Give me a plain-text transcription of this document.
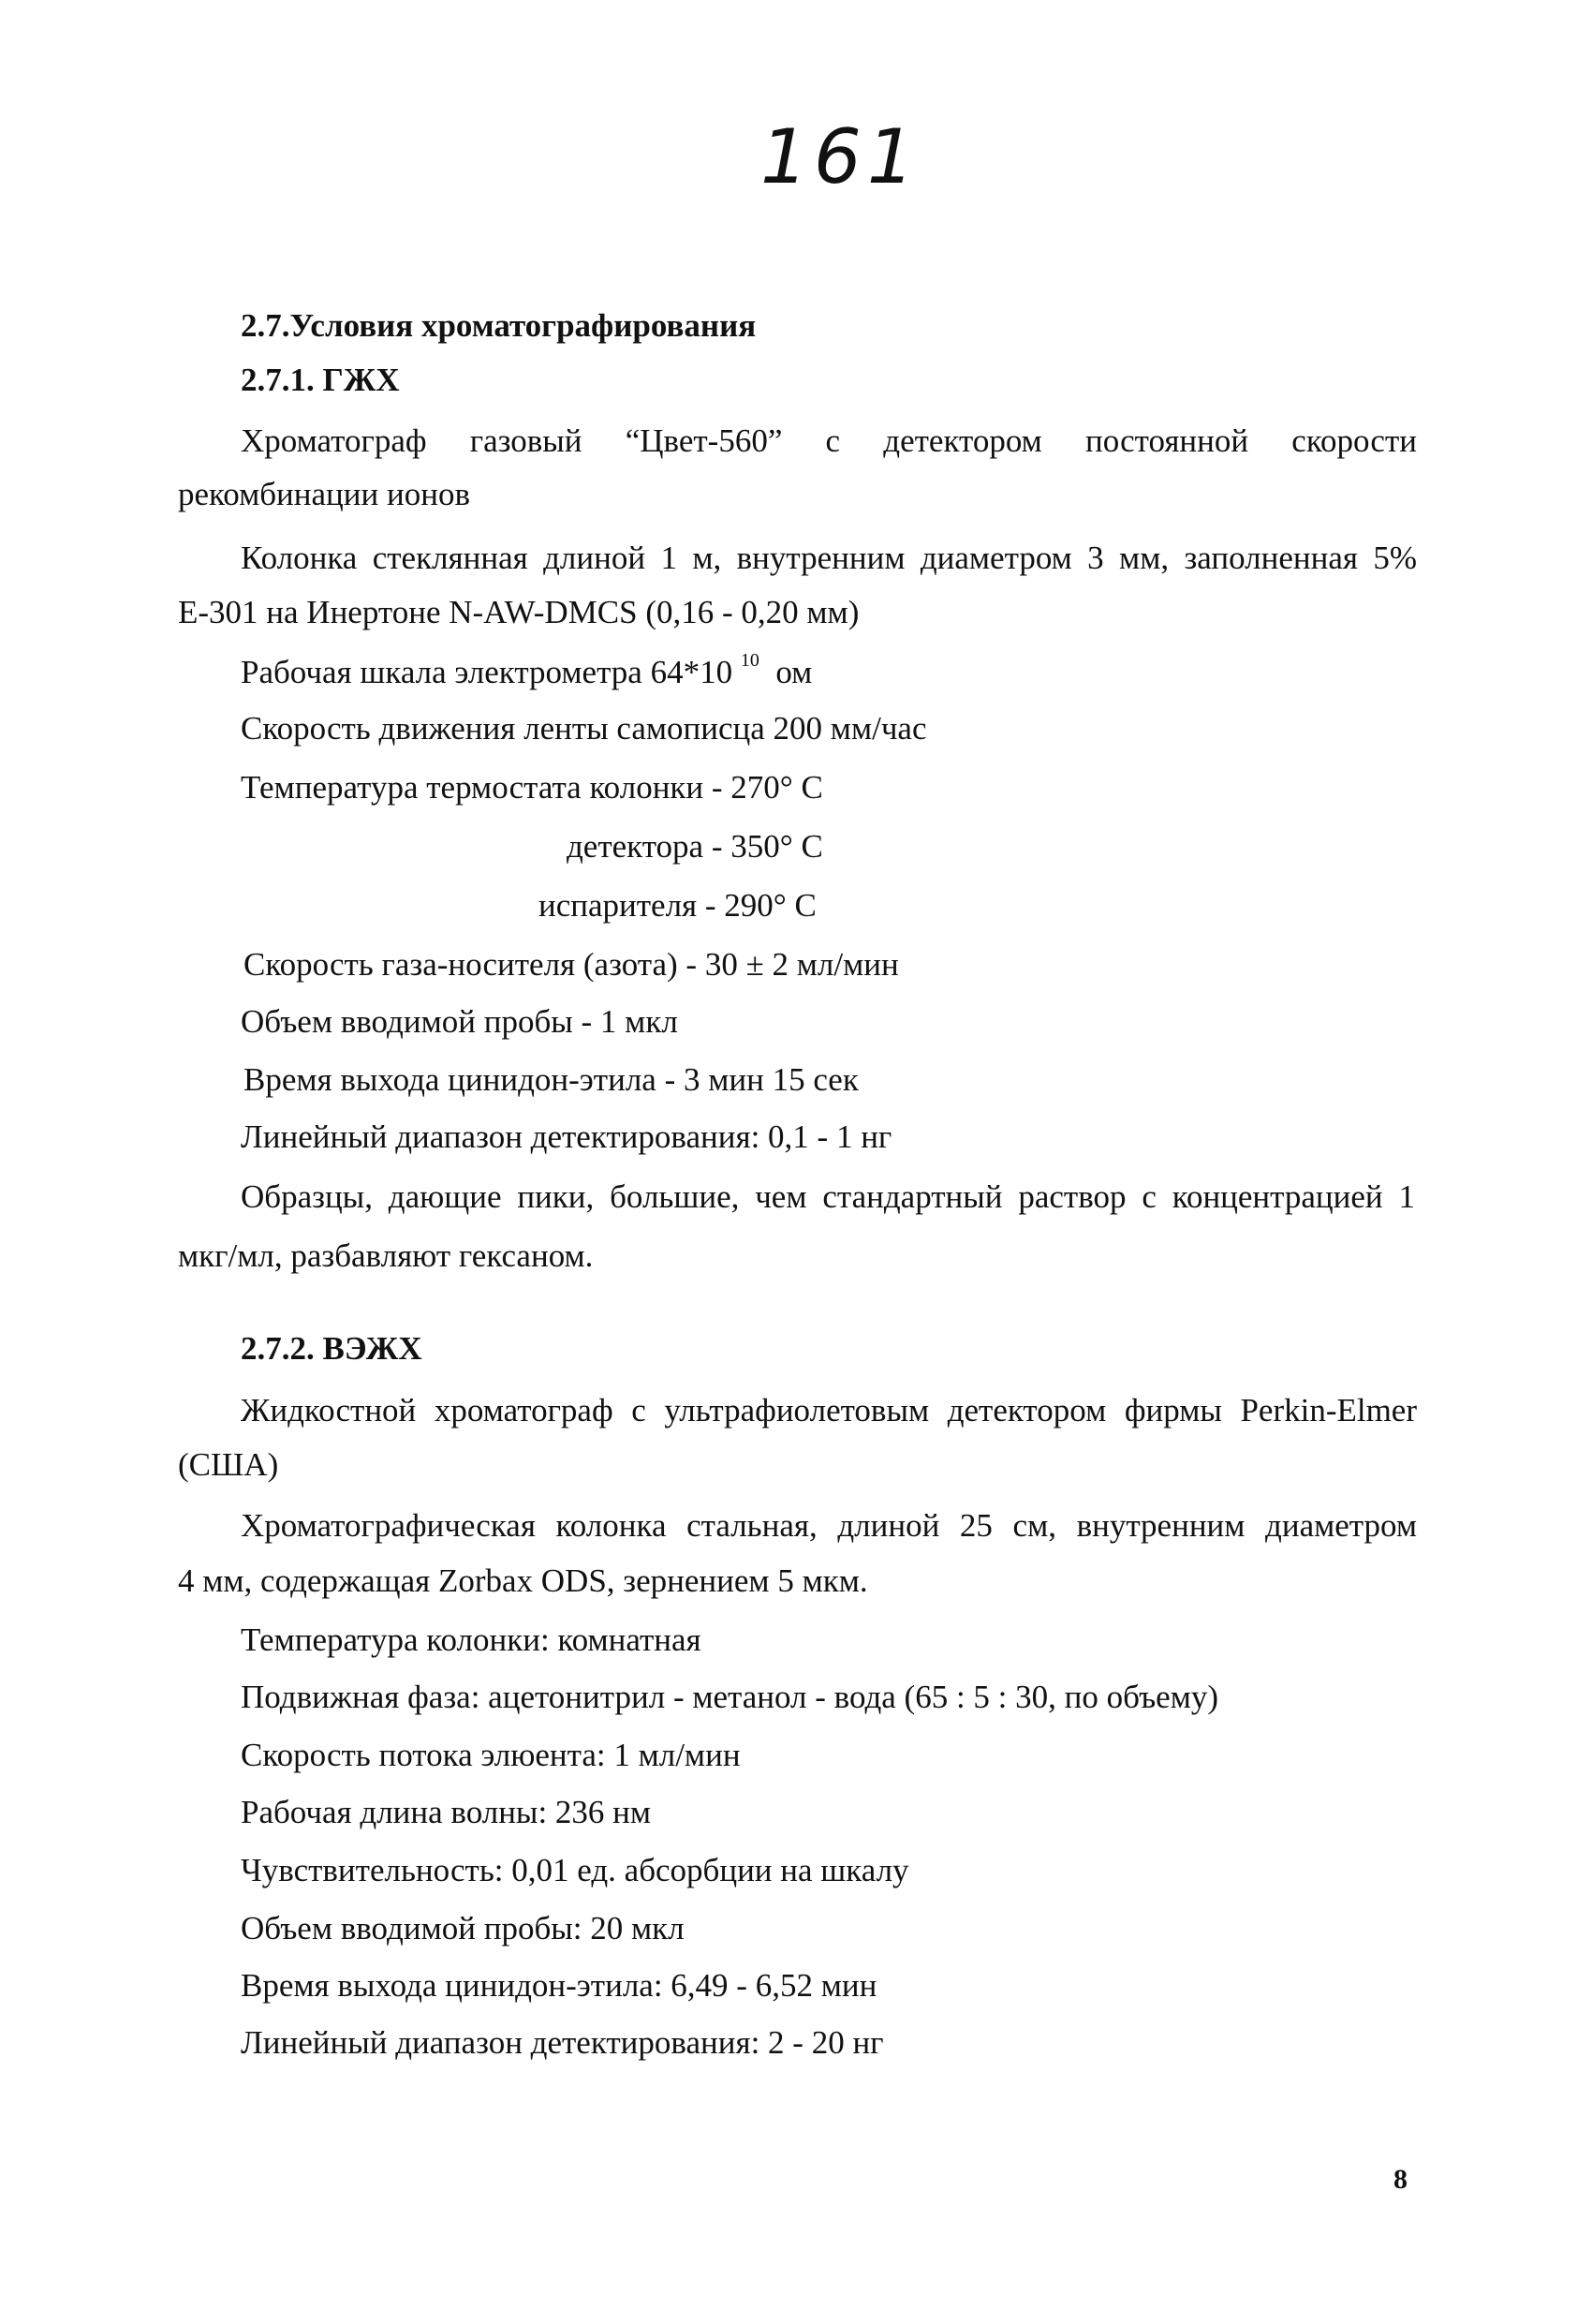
161
2.7.Условия хроматографирования
2.7.1. ГЖХ
Хроматограф газовый “Цвет-560” с детектором постоянной скорости
рекомбинации ионов
Колонка стеклянная длиной 1 м, внутренним диаметром 3 мм, заполненная 5%
Е-301 на Инертоне N-AW-DMCS (0,16 - 0,20 мм)
Рабочая шкала электрометра 64*10 $^{10}$ ом
Скорость движения ленты самописца 200 мм/час
Температура термостата колонки - 270° С
детектора - 350° С
испарителя - 290° С
Скорость газа-носителя (азота) - 30 ± 2 мл/мин
Объем вводимой пробы - 1 мкл
Время выхода цинидон-этила - 3 мин 15 сек
Линейный диапазон детектирования: 0,1 - 1 нг
Образцы, дающие пики, большие, чем стандартный раствор с концентрацией 1
мкг/мл, разбавляют гексаном.
2.7.2. ВЭЖХ
Жидкостной хроматограф с ультрафиолетовым детектором фирмы Perkin-Elmer
(США)
Хроматографическая колонка стальная, длиной 25 см, внутренним диаметром
4 мм, содержащая Zorbax ODS, зернением 5 мкм.
Температура колонки: комнатная
Подвижная фаза: ацетонитрил - метанол - вода (65 : 5 : 30, по объему)
Скорость потока элюента: 1 мл/мин
Рабочая длина волны: 236 нм
Чувствительность: 0,01 ед. абсорбции на шкалу
Объем вводимой пробы: 20 мкл
Время выхода цинидон-этила: 6,49 - 6,52 мин
Линейный диапазон детектирования: 2 - 20 нг
8
